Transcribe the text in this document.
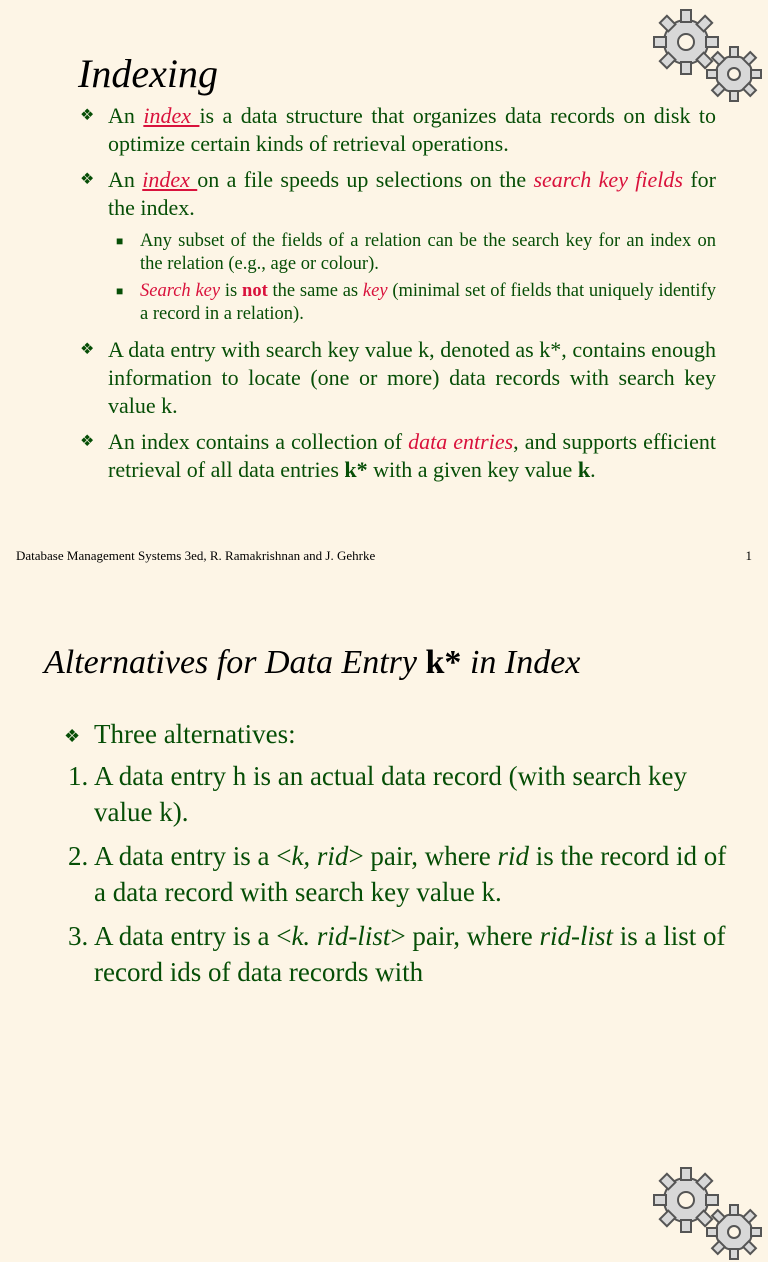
Indexing
❖ An index is a data structure that organizes data records on disk to optimize certain kinds of retrieval operations.
❖ An index on a file speeds up selections on the search key fields for the index.
■ Any subset of the fields of a relation can be the search key for an index on the relation (e.g., age or colour).
■ Search key is not the same as key (minimal set of fields that uniquely identify a record in a relation).
❖ A data entry with search key value k, denoted as k*, contains enough information to locate (one or more) data records with search key value k.
❖ An index contains a collection of data entries, and supports efficient retrieval of all data entries k* with a given key value k.
Database Management Systems 3ed, R. Ramakrishnan and J. Gehrke	1
Alternatives for Data Entry k* in Index
❖ Three alternatives:
1. A data entry h is an actual data record (with search key value k).
2. A data entry is a <k, rid> pair, where rid is the record id of a data record with search key value k.
3. A data entry is a <k. rid-list> pair, where rid-list is a list of record ids of data records with
